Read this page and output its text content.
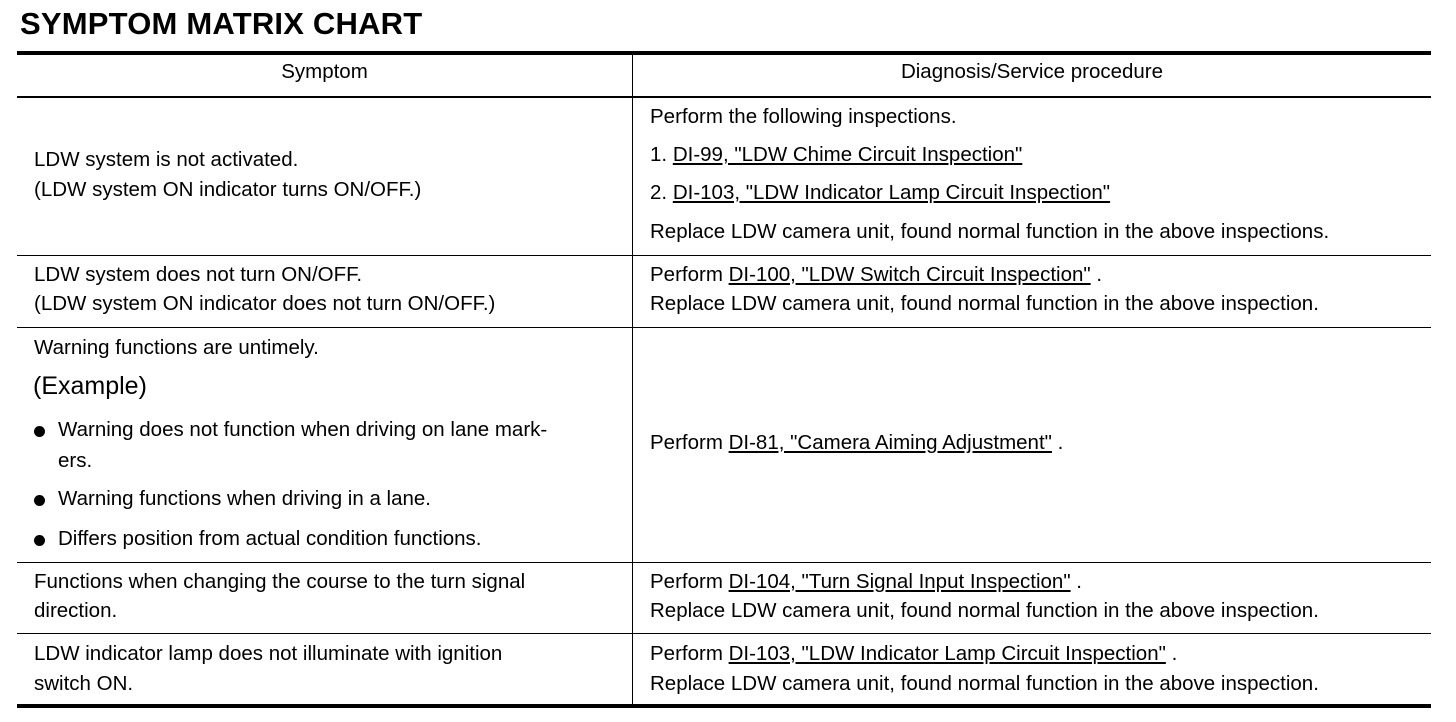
SYMPTOM MATRIX CHART
Symptom	Diagnosis/Service procedure
LDW system is not activated.
(LDW system ON indicator turns ON/OFF.)
Perform the following inspections.
1. DI-99, "LDW Chime Circuit Inspection"
2. DI-103, "LDW Indicator Lamp Circuit Inspection"
Replace LDW camera unit, found normal function in the above inspections.
LDW system does not turn ON/OFF.
(LDW system ON indicator does not turn ON/OFF.)
Perform DI-100, "LDW Switch Circuit Inspection" .
Replace LDW camera unit, found normal function in the above inspection.
Warning functions are untimely.
(Example)
Warning does not function when driving on lane mark-
ers.
Warning functions when driving in a lane.
Differs position from actual condition functions.
Perform DI-81, "Camera Aiming Adjustment" .
Functions when changing the course to the turn signal
direction.
Perform DI-104, "Turn Signal Input Inspection" .
Replace LDW camera unit, found normal function in the above inspection.
LDW indicator lamp does not illuminate with ignition
switch ON.
Perform DI-103, "LDW Indicator Lamp Circuit Inspection" .
Replace LDW camera unit, found normal function in the above inspection.
